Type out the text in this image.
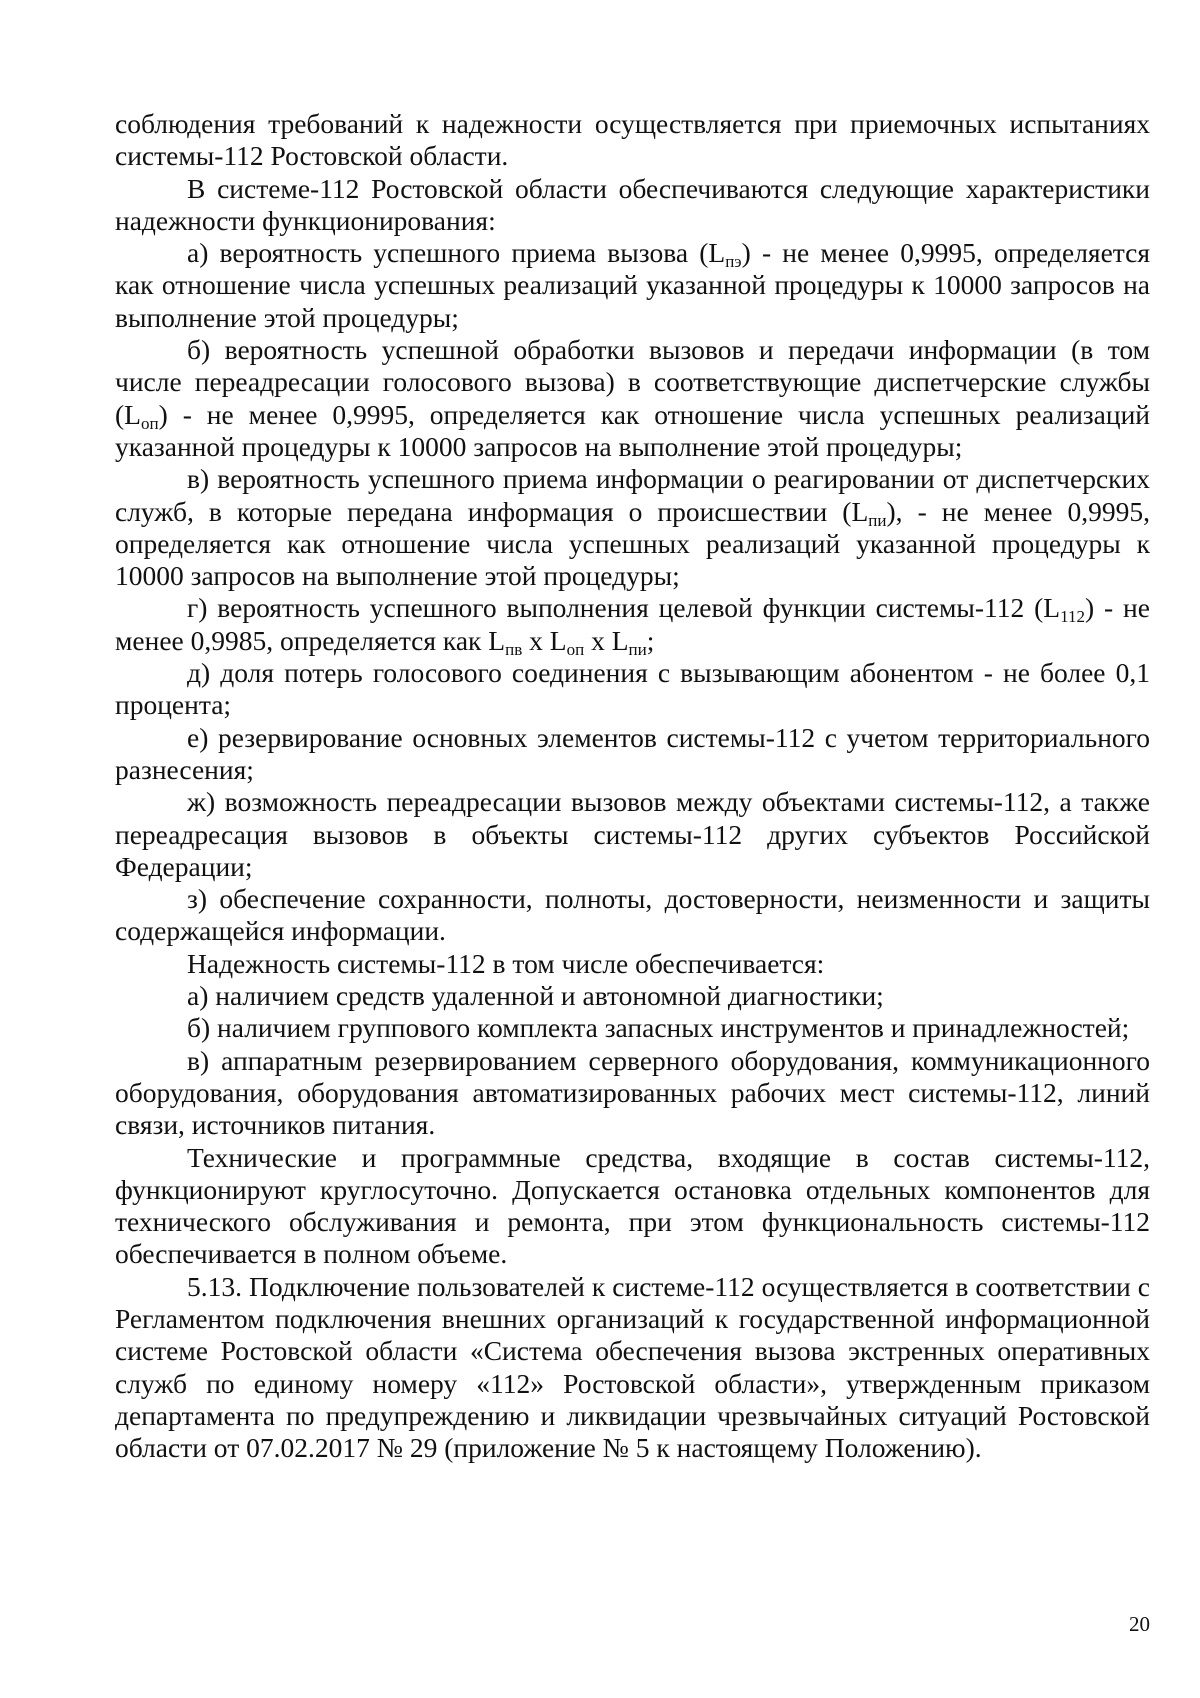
соблюдения требований к надежности осуществляется при приемочных испытаниях системы-112 Ростовской области.

В системе-112 Ростовской области обеспечиваются следующие характеристики надежности функционирования:

а) вероятность успешного приема вызова $(L_{пэ})$ - не менее 0,9995, определяется как отношение числа успешных реализаций указанной процедуры к 10000 запросов на выполнение этой процедуры;

б) вероятность успешной обработки вызовов и передачи информации (в том числе переадресации голосового вызова) в соответствующие диспетчерские службы $(L_{оп})$ - не менее 0,9995, определяется как отношение числа успешных реализаций указанной процедуры к 10000 запросов на выполнение этой процедуры;

в) вероятность успешного приема информации о реагировании от диспетчерских служб, в которые передана информация о происшествии $(L_{пи})$, - не менее 0,9995, определяется как отношение числа успешных реализаций указанной процедуры к 10000 запросов на выполнение этой процедуры;

г) вероятность успешного выполнения целевой функции системы-112 $(L_{112})$ - не менее 0,9985, определяется как $L_{пв}$ x $L_{оп}$ x $L_{пи}$;

д) доля потерь голосового соединения с вызывающим абонентом - не более 0,1 процента;

е) резервирование основных элементов системы-112 с учетом территориального разнесения;

ж) возможность переадресации вызовов между объектами системы-112, а также переадресация вызовов в объекты системы-112 других субъектов Российской Федерации;

з) обеспечение сохранности, полноты, достоверности, неизменности и защиты содержащейся информации.

Надежность системы-112 в том числе обеспечивается:

а) наличием средств удаленной и автономной диагностики;

б) наличием группового комплекта запасных инструментов и принадлежностей;

в) аппаратным резервированием серверного оборудования, коммуникационного оборудования, оборудования автоматизированных рабочих мест системы-112, линий связи, источников питания.

Технические и программные средства, входящие в состав системы-112, функционируют круглосуточно. Допускается остановка отдельных компонентов для технического обслуживания и ремонта, при этом функциональность системы-112 обеспечивается в полном объеме.

5.13. Подключение пользователей к системе-112 осуществляется в соответствии с Регламентом подключения внешних организаций к государственной информационной системе Ростовской области «Система обеспечения вызова экстренных оперативных служб по единому номеру «112» Ростовской области», утвержденным приказом департамента по предупреждению и ликвидации чрезвычайных ситуаций Ростовской области от 07.02.2017 № 29 (приложение № 5 к настоящему Положению).

20
